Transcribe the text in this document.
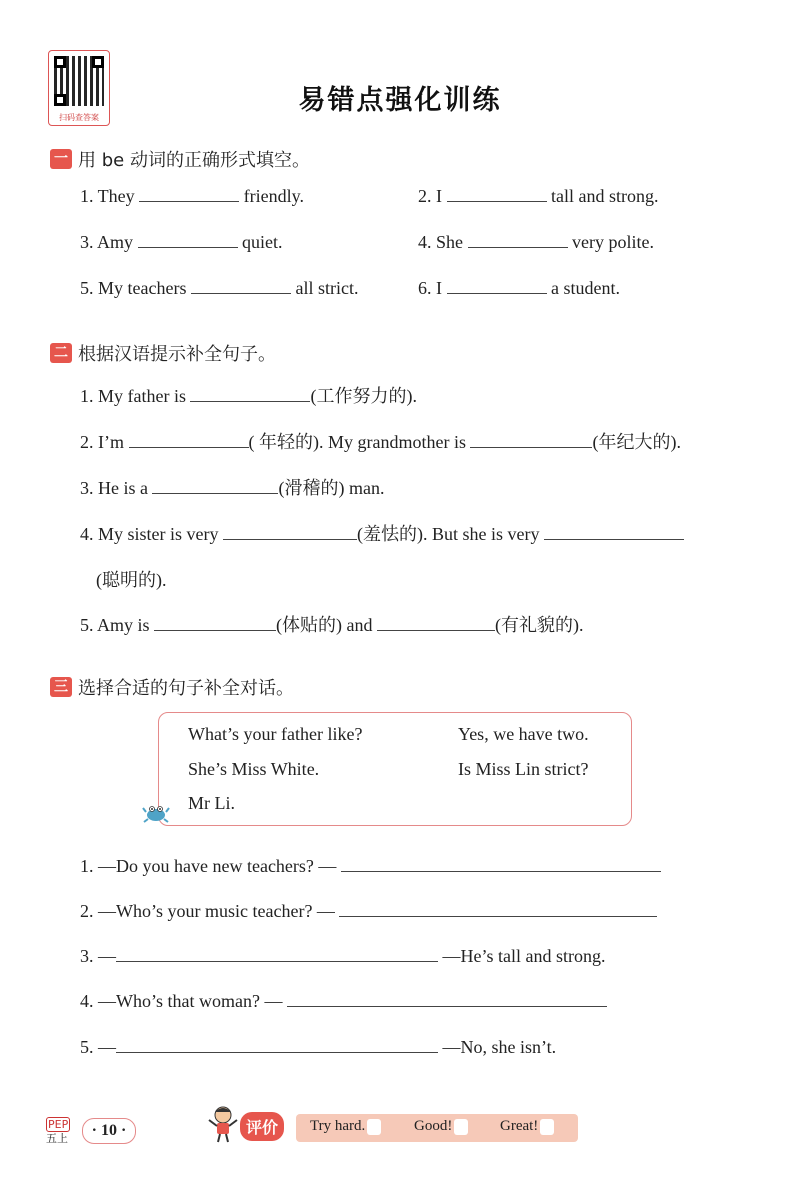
扫码查答案
易错点强化训练
一 用 be 动词的正确形式填空。
1. They	friendly.	2. I	tall and strong.
3. Amy	quiet.	4. She	very polite.
5. My teachers	all strict.	6. I	a student.
二 根据汉语提示补全句子。
1. My father is	(工作努力的).
2. I’m	( 年轻的). My grandmother is	(年纪大的).
3. He is a	(滑稽的) man.
4. My sister is very	(羞怯的). But she is very
(聪明的).
5. Amy is	(体贴的) and	(有礼貌的).
三 选择合适的句子补全对话。
What’s your father like?	Yes, we have two.
She’s Miss White.	Is Miss Lin strict?
Mr Li.
1. —Do you have new teachers? —
2. —Who’s your music teacher? —
3. —	—He’s tall and strong.
4. —Who’s that woman? —
5. —	—No, she isn’t.
PEP
五上	· 10 ·	评价	Try hard.	Good!	Great!
